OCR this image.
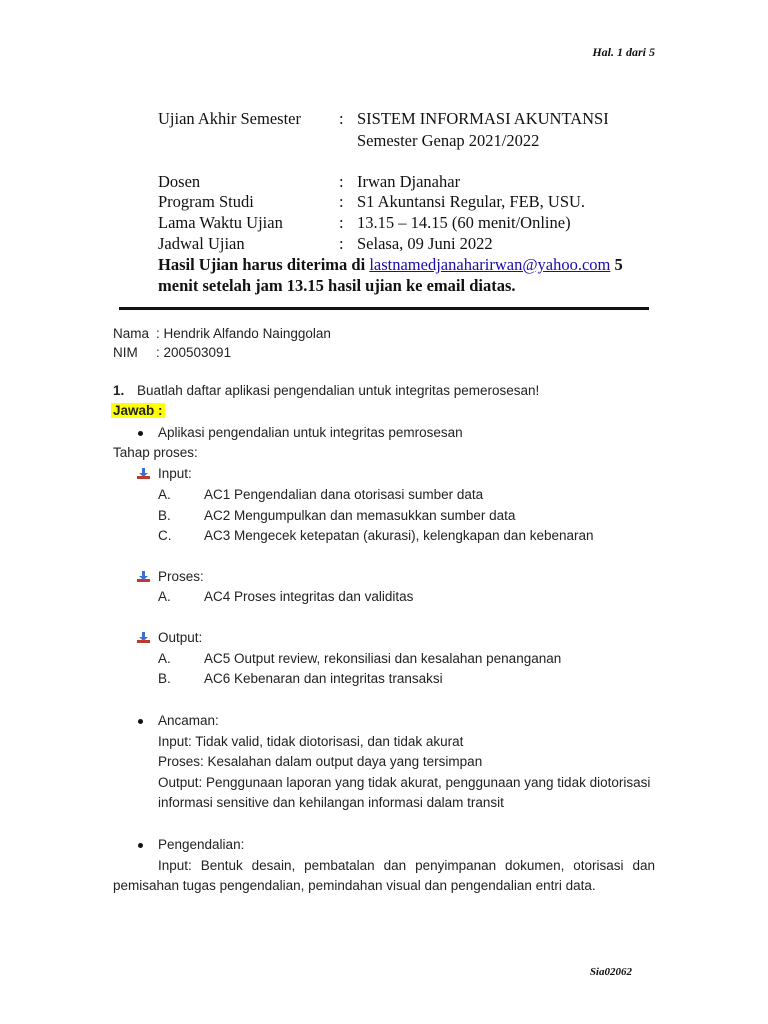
Hal. 1 dari 5
Ujian Akhir Semester : SISTEM INFORMASI AKUNTANSI
Semester Genap 2021/2022
Dosen	: Irwan Djanahar
Program Studi	: S1 Akuntansi Regular, FEB, USU.
Lama Waktu Ujian	: 13.15 – 14.15 (60 menit/Online)
Jadwal Ujian	: Selasa, 09 Juni 2022
Hasil Ujian harus diterima di lastnamedjanaharirwan@yahoo.com 5
menit setelah jam 13.15 hasil ujian ke email diatas.
Nama : Hendrik Alfando Nainggolan
NIM : 200503091
1. Buatlah daftar aplikasi pengendalian untuk integritas pemerosesan!
Jawab :
Aplikasi pengendalian untuk integritas pemrosesan
Tahap proses:
Input:
A. AC1 Pengendalian dana otorisasi sumber data
B. AC2 Mengumpulkan dan memasukkan sumber data
C. AC3 Mengecek ketepatan (akurasi), kelengkapan dan kebenaran
Proses:
A. AC4 Proses integritas dan validitas
Output:
A. AC5 Output review, rekonsiliasi dan kesalahan penanganan
B. AC6 Kebenaran dan integritas transaksi
Ancaman:
Input: Tidak valid, tidak diotorisasi, dan tidak akurat
Proses: Kesalahan dalam output daya yang tersimpan
Output: Penggunaan laporan yang tidak akurat, penggunaan yang tidak diotorisasi
informasi sensitive dan kehilangan informasi dalam transit
Pengendalian:
Input: Bentuk desain, pembatalan dan penyimpanan dokumen, otorisasi dan
pemisahan tugas pengendalian, pemindahan visual dan pengendalian entri data.
Sia02062
